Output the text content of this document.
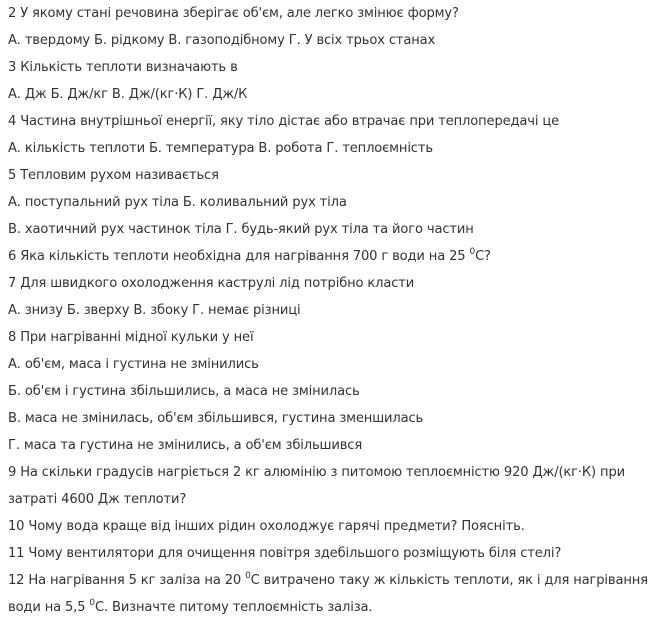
2 У якому стані речовина зберігає об'єм, але легко змінює форму?
А. твердому Б. рідкому В. газоподібному Г. У всіх трьох станах
3 Кількість теплоти визначають в
А. Дж Б. Дж/кг В. Дж/(кг·К) Г. Дж/К
4 Частина внутрішньої енергії, яку тіло дістає або втрачає при теплопередачі це
А. кількість теплоти Б. температура В. робота Г. теплоємність
5 Тепловим рухом називається
А. поступальний рух тіла Б. коливальний рух тіла
В. хаотичний рух частинок тіла Г. будь-який рух тіла та його частин
6 Яка кількість теплоти необхідна для нагрівання 700 г води на 25 $^0$С?
7 Для швидкого охолодження каструлі лід потрібно класти
А. знизу Б. зверху В. збоку Г. немає різниці
8 При нагріванні мідної кульки у неї
А. об'єм, маса і густина не змінились
Б. об'єм і густина збільшились, а маса не змінилась
В. маса не змінилась, об'єм збільшився, густина зменшилась
Г. маса та густина не змінились, а об'єм збільшився
9 На скільки градусів нагріється 2 кг алюмінію з питомою теплоємністю 920 Дж/(кг·К) при
затраті 4600 Дж теплоти?
10 Чому вода краще від інших рідин охолоджує гарячі предмети? Поясніть.
11 Чому вентилятори для очищення повітря здебільшого розміщують біля стелі?
12 На нагрівання 5 кг заліза на 20 $^0$С витрачено таку ж кількість теплоти, як і для нагрівання
води на 5,5 $^0$С. Визначте питому теплоємність заліза.
